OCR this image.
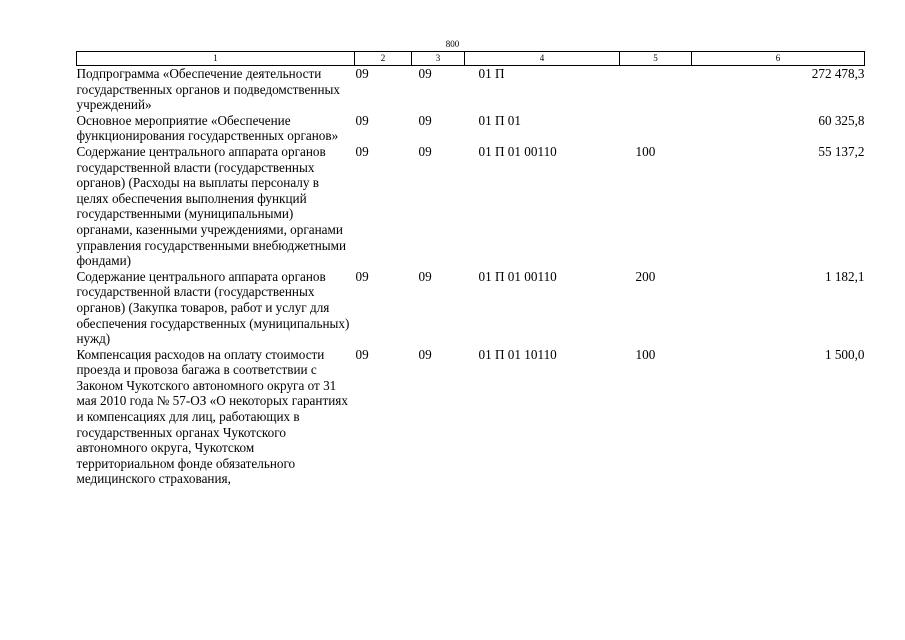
800
1	2	3	4	5	6
Подпрограмма «Обеспечение деятельности государственных органов и подведомственных учреждений»	09	09	01 П		272 478,3
Основное мероприятие «Обеспечение функционирования государственных органов»	09	09	01 П 01		60 325,8
Содержание центрального аппарата органов государственной власти (государственных органов) (Расходы на выплаты персоналу в целях обеспечения выполнения функций государственными (муниципальными) органами, казенными учреждениями, органами управления государственными внебюджетными фондами)	09	09	01 П 01 00110	100	55 137,2
Содержание центрального аппарата органов государственной власти (государственных органов) (Закупка товаров, работ и услуг для обеспечения государственных (муниципальных) нужд)	09	09	01 П 01 00110	200	1 182,1
Компенсация расходов на оплату стоимости проезда и провоза багажа в соответствии с Законом Чукотского автономного округа от 31 мая 2010 года № 57-ОЗ «О некоторых гарантиях и компенсациях для лиц, работающих в государственных органах Чукотского автономного округа, Чукотском территориальном фонде обязательного медицинского страхования,	09	09	01 П 01 10110	100	1 500,0
